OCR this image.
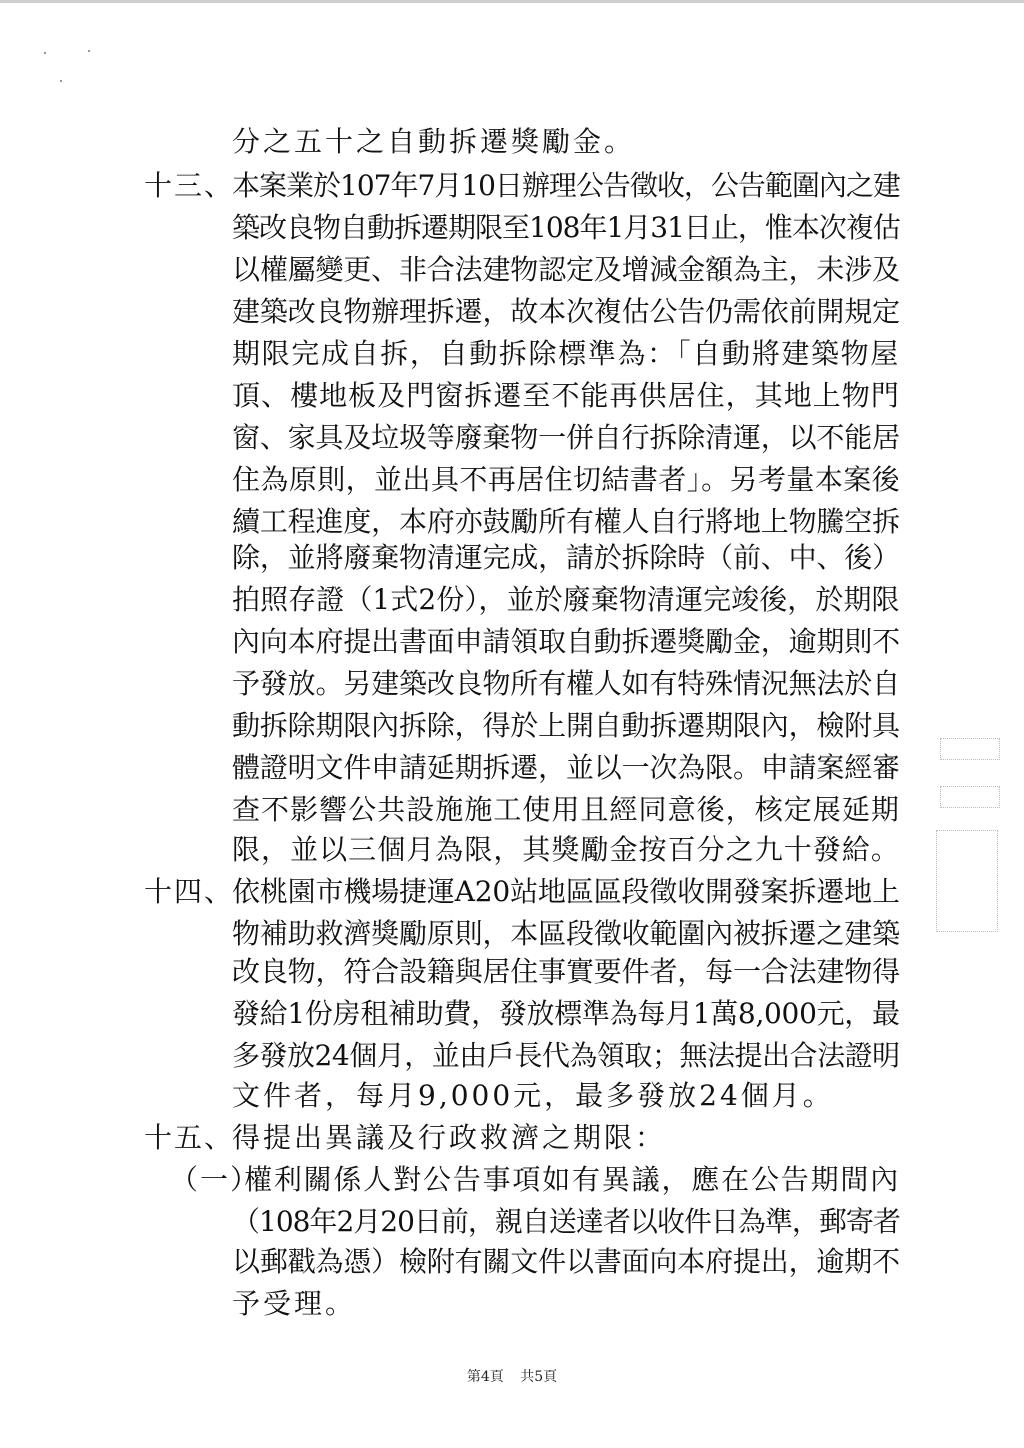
十三、
十四、
十五、
（一）
分之五十之自動拆遷獎勵金。
本案業於107年7月10日辦理公告徵收，公告範圍內之建
築改良物自動拆遷期限至108年1月31日止，惟本次複估
以權屬變更、非合法建物認定及增減金額為主，未涉及
建築改良物辦理拆遷，故本次複估公告仍需依前開規定
期限完成自拆，自動拆除標準為：「自動將建築物屋
頂、樓地板及門窗拆遷至不能再供居住，其地上物門
窗、家具及垃圾等廢棄物一併自行拆除清運，以不能居
住為原則，並出具不再居住切結書者」。另考量本案後
續工程進度，本府亦鼓勵所有權人自行將地上物騰空拆
除，並將廢棄物清運完成，請於拆除時（前、中、後）
拍照存證（1式2份），並於廢棄物清運完竣後，於期限
內向本府提出書面申請領取自動拆遷獎勵金，逾期則不
予發放。另建築改良物所有權人如有特殊情況無法於自
動拆除期限內拆除，得於上開自動拆遷期限內，檢附具
體證明文件申請延期拆遷，並以一次為限。申請案經審
查不影響公共設施施工使用且經同意後，核定展延期
限，並以三個月為限，其獎勵金按百分之九十發給。
依桃園市機場捷運A20站地區區段徵收開發案拆遷地上
物補助救濟獎勵原則，本區段徵收範圍內被拆遷之建築
改良物，符合設籍與居住事實要件者，每一合法建物得
發給1份房租補助費，發放標準為每月1萬8,000元，最
多發放24個月，並由戶長代為領取；無法提出合法證明
文件者，每月9,000元，最多發放24個月。
得提出異議及行政救濟之期限：
權利關係人對公告事項如有異議，應在公告期間內
（108年2月20日前，親自送達者以收件日為準，郵寄者
以郵戳為憑）檢附有關文件以書面向本府提出，逾期不
予受理。
第4頁 共5頁
